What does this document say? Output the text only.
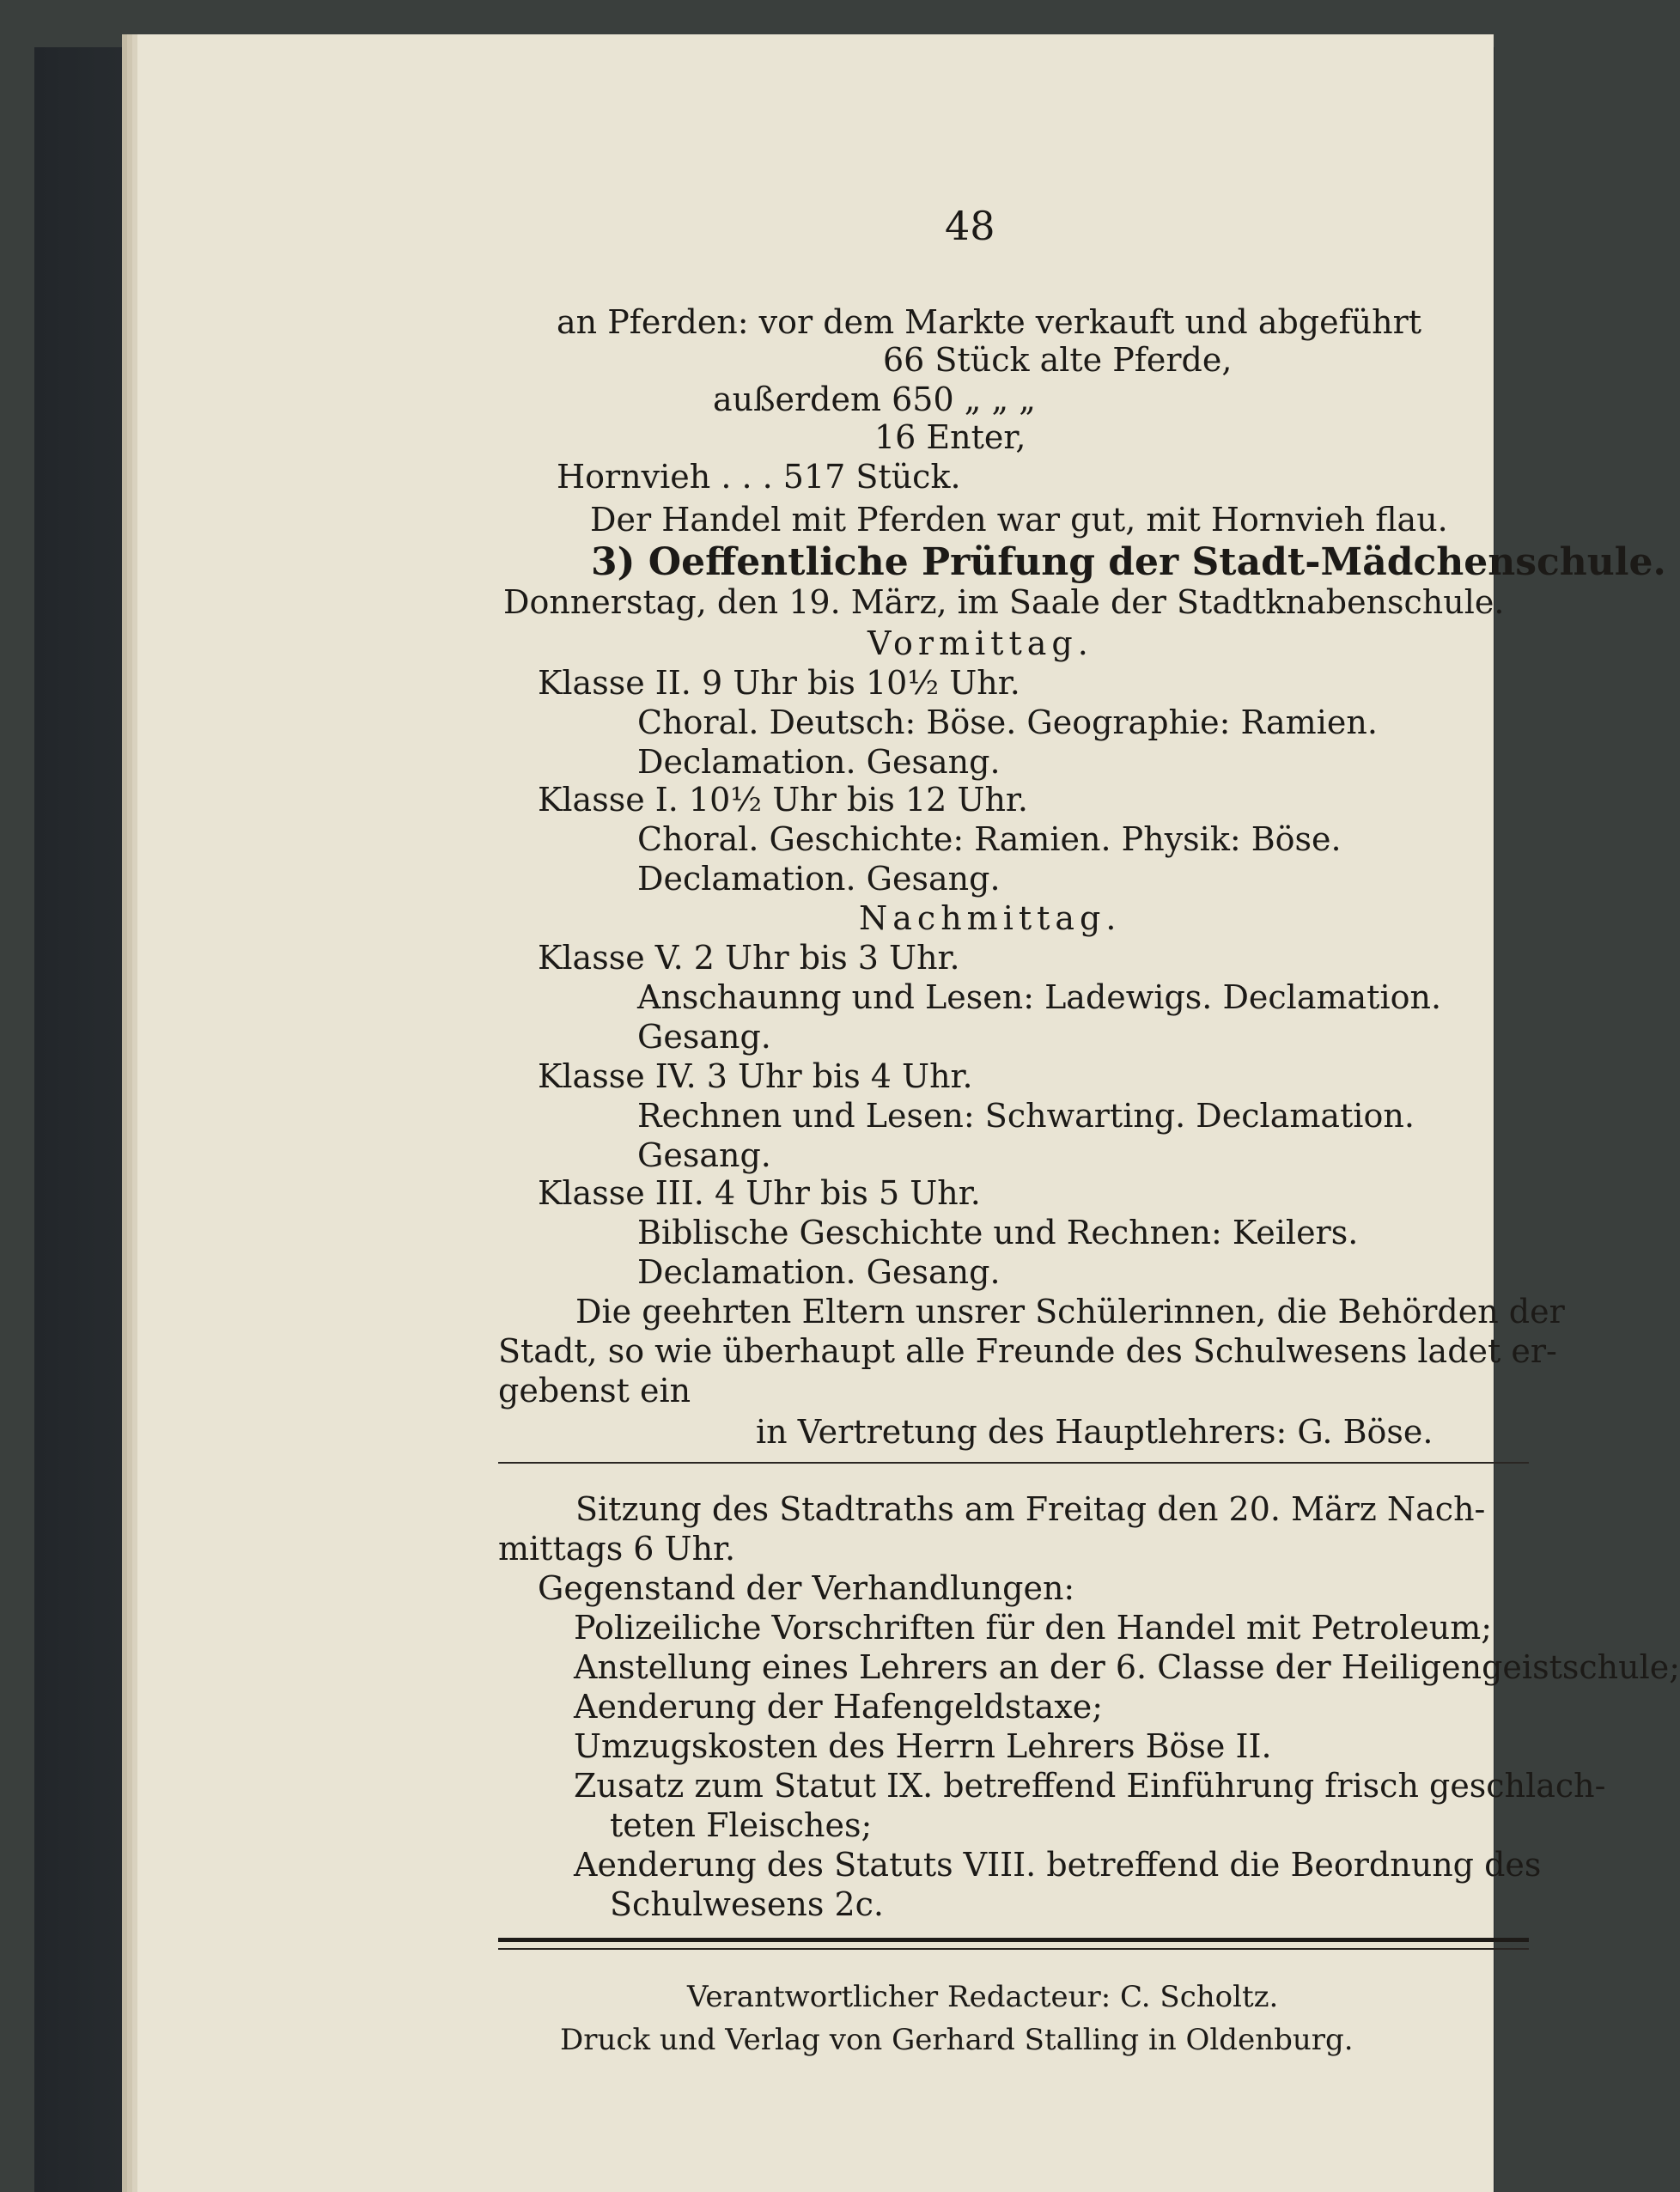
48
an Pferden: vor dem Markte verkauft und abgeführt
66 Stück alte Pferde,
außerdem 650 „ „ „
16 Enter,
Hornvieh . . . 517 Stück.
Der Handel mit Pferden war gut, mit Hornvieh flau.
3) Oeffentliche Prüfung der Stadt-Mädchenschule.
Donnerstag, den 19. März, im Saale der Stadtknabenschule.
Vormittag.
Klasse II. 9 Uhr bis 10½ Uhr.
Choral. Deutsch: Böse. Geographie: Ramien.
Declamation. Gesang.
Klasse I. 10½ Uhr bis 12 Uhr.
Choral. Geschichte: Ramien. Physik: Böse.
Declamation. Gesang.
Nachmittag.
Klasse V. 2 Uhr bis 3 Uhr.
Anschaunng und Lesen: Ladewigs. Declamation.
Gesang.
Klasse IV. 3 Uhr bis 4 Uhr.
Rechnen und Lesen: Schwarting. Declamation.
Gesang.
Klasse III. 4 Uhr bis 5 Uhr.
Biblische Geschichte und Rechnen: Keilers.
Declamation. Gesang.
Die geehrten Eltern unsrer Schülerinnen, die Behörden der
Stadt, so wie überhaupt alle Freunde des Schulwesens ladet er-
gebenst ein
in Vertretung des Hauptlehrers: G. Böse.
Sitzung des Stadtraths am Freitag den 20. März Nach-
mittags 6 Uhr.
Gegenstand der Verhandlungen:
Polizeiliche Vorschriften für den Handel mit Petroleum;
Anstellung eines Lehrers an der 6. Classe der Heiligengeistschule;
Aenderung der Hafengeldstaxe;
Umzugskosten des Herrn Lehrers Böse II.
Zusatz zum Statut IX. betreffend Einführung frisch geschlach-
teten Fleisches;
Aenderung des Statuts VIII. betreffend die Beordnung des
Schulwesens 2c.
Verantwortlicher Redacteur: C. Scholtz.
Druck und Verlag von Gerhard Stalling in Oldenburg.
